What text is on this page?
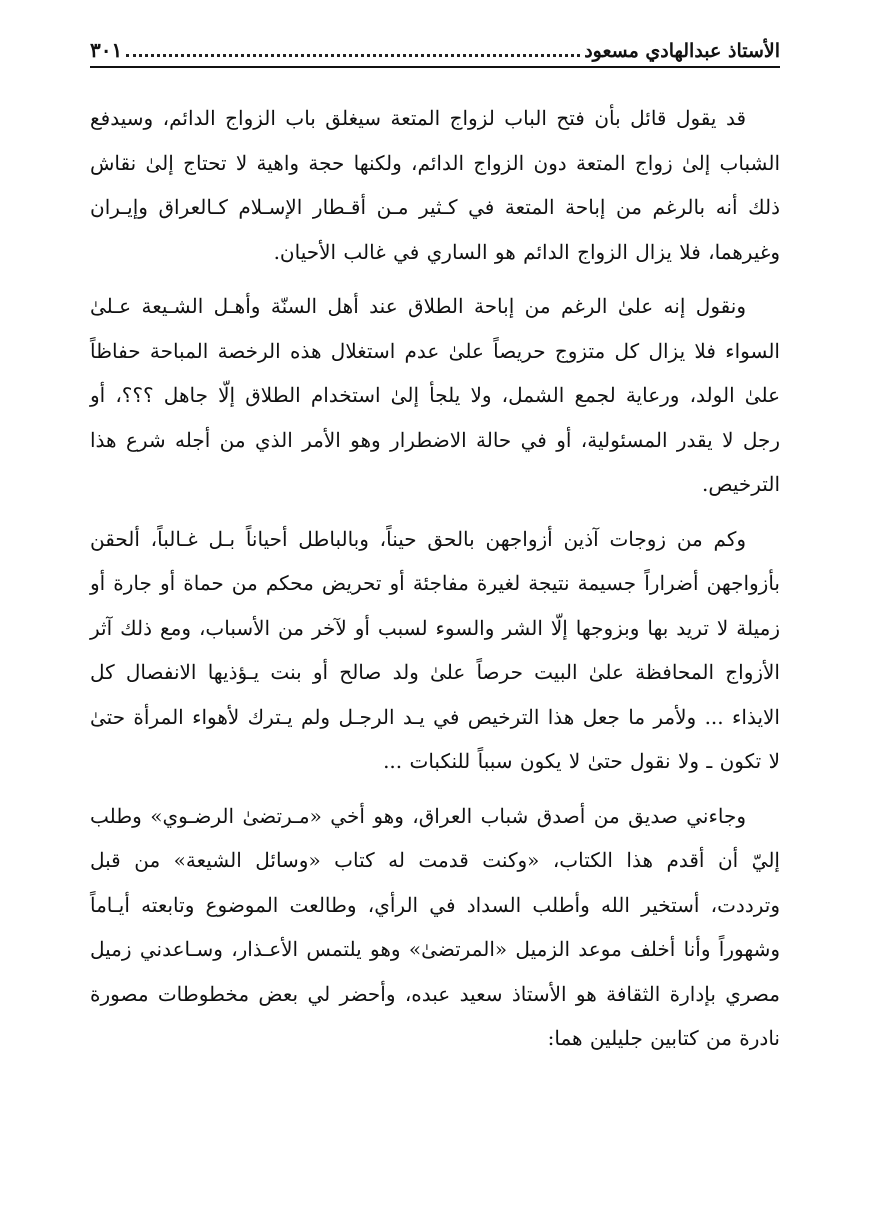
الأستاذ عبدالهادي مسعود
٣٠١

قد يقول قائل بأن فتح الباب لزواج المتعة سيغلق باب الزواج الدائم، وسيدفع الشباب إلىٰ زواج المتعة دون الزواج الدائم، ولكنها حجة واهية لا تحتاج إلىٰ نقاش ذلك أنه بالرغم من إباحة المتعة في كـثير مـن أقـطار الإسـلام كـالعراق وإيـران وغيرهما، فلا يزال الزواج الدائم هو الساري في غالب الأحيان.

ونقول إنه علىٰ الرغم من إباحة الطلاق عند أهل السنّة وأهـل الشـيعة عـلىٰ السواء فلا يزال كل متزوج حريصاً علىٰ عدم استغلال هذه الرخصة المباحة حفاظاً علىٰ الولد، ورعاية لجمع الشمل، ولا يلجأ إلىٰ استخدام الطلاق إلّا جاهل ؟؟؟، أو رجل لا يقدر المسئولية، أو في حالة الاضطرار وهو الأمر الذي من أجله شرع هذا الترخيص.

وكم من زوجات آذين أزواجهن بالحق حيناً، وبالباطل أحياناً بـل غـالباً، ألحقن بأزواجهن أضراراً جسيمة نتيجة لغيرة مفاجئة أو تحريض محكم من حماة أو جارة أو زميلة لا تريد بها وبزوجها إلّا الشر والسوء لسبب أو لآخر من الأسباب، ومع ذلك آثر الأزواج المحافظة علىٰ البيت حرصاً علىٰ ولد صالح أو بنت يـؤذيها الانفصال كل الايذاء ... ولأمر ما جعل هذا الترخيص في يـد الرجـل ولم يـترك لأهواء المرأة حتىٰ لا تكون ـ ولا نقول حتىٰ لا يكون سبباً للنكبات ...

وجاءني صديق من أصدق شباب العراق، وهو أخي «مـرتضىٰ الرضـوي» وطلب إليّ أن أقدم هذا الكتاب، «وكنت قدمت له كتاب «وسائل الشيعة» من قبل وترددت، أستخير الله وأطلب السداد في الرأي، وطالعت الموضوع وتابعته أيـاماً وشهوراً وأنا أخلف موعد الزميل «المرتضىٰ» وهو يلتمس الأعـذار، وسـاعدني زميل مصري بإدارة الثقافة هو الأستاذ سعيد عبده، وأحضر لي بعض مخطوطات مصورة نادرة من كتابين جليلين هما:
